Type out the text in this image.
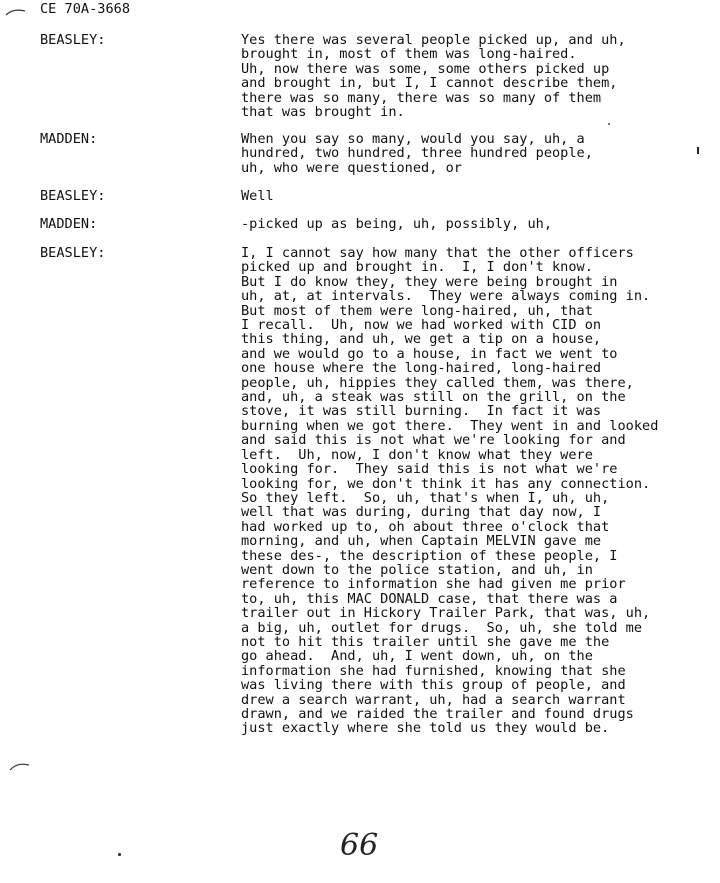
CE 70A-3668
BEASLEY:	Yes there was several people picked up, and uh,
brought in, most of them was long-haired.
Uh, now there was some, some others picked up
and brought in, but I, I cannot describe them,
there was so many, there was so many of them
that was brought in.
MADDEN:	When you say so many, would you say, uh, a
hundred, two hundred, three hundred people,
uh, who were questioned, or
BEASLEY:	Well
MADDEN:	-picked up as being, uh, possibly, uh,
BEASLEY:	I, I cannot say how many that the other officers
picked up and brought in.  I, I don't know.
But I do know they, they were being brought in
uh, at, at intervals.  They were always coming in.
But most of them were long-haired, uh, that
I recall.  Uh, now we had worked with CID on
this thing, and uh, we get a tip on a house,
and we would go to a house, in fact we went to
one house where the long-haired, long-haired
people, uh, hippies they called them, was there,
and, uh, a steak was still on the grill, on the
stove, it was still burning.  In fact it was
burning when we got there.  They went in and looked
and said this is not what we're looking for and
left.  Uh, now, I don't know what they were
looking for.  They said this is not what we're
looking for, we don't think it has any connection.
So they left.  So, uh, that's when I, uh, uh,
well that was during, during that day now, I
had worked up to, oh about three o'clock that
morning, and uh, when Captain MELVIN gave me
these des-, the description of these people, I
went down to the police station, and uh, in
reference to information she had given me prior
to, uh, this MAC DONALD case, that there was a
trailer out in Hickory Trailer Park, that was, uh,
a big, uh, outlet for drugs.  So, uh, she told me
not to hit this trailer until she gave me the
go ahead.  And, uh, I went down, uh, on the
information she had furnished, knowing that she
was living there with this group of people, and
drew a search warrant, uh, had a search warrant
drawn, and we raided the trailer and found drugs
just exactly where she told us they would be.
66
